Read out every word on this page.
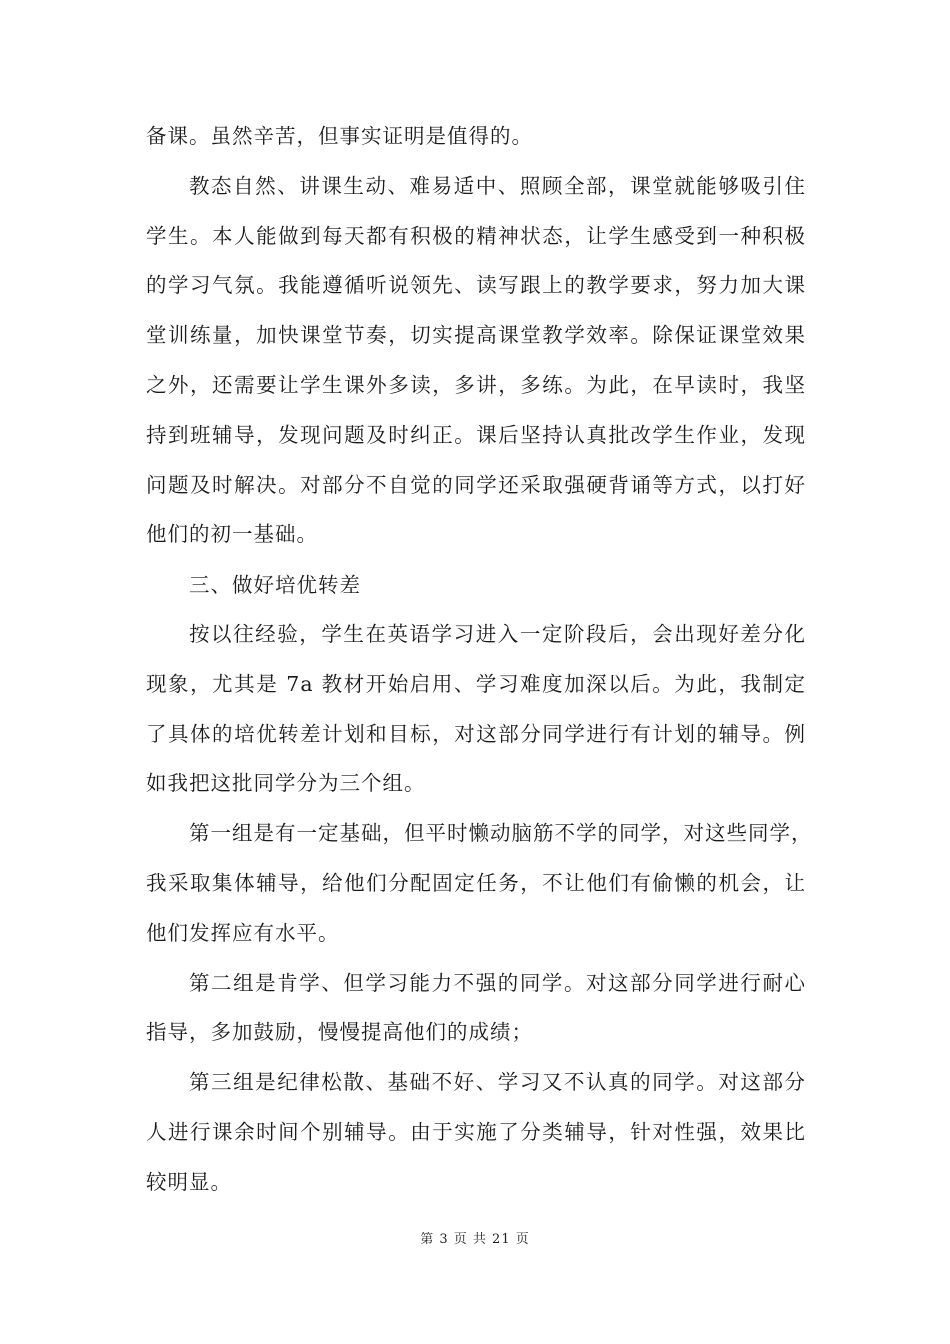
备课。虽然辛苦，但事实证明是值得的。
教态自然、讲课生动、难易适中、照顾全部，课堂就能够吸引住
学生。本人能做到每天都有积极的精神状态，让学生感受到一种积极
的学习气氛。我能遵循听说领先、读写跟上的教学要求，努力加大课
堂训练量，加快课堂节奏，切实提高课堂教学效率。除保证课堂效果
之外，还需要让学生课外多读，多讲，多练。为此，在早读时，我坚
持到班辅导，发现问题及时纠正。课后坚持认真批改学生作业，发现
问题及时解决。对部分不自觉的同学还采取强硬背诵等方式，以打好
他们的初一基础。
三、做好培优转差
按以往经验，学生在英语学习进入一定阶段后，会出现好差分化
现象，尤其是 7a 教材开始启用、学习难度加深以后。为此，我制定
了具体的培优转差计划和目标，对这部分同学进行有计划的辅导。例
如我把这批同学分为三个组。
第一组是有一定基础，但平时懒动脑筋不学的同学，对这些同学，
我采取集体辅导，给他们分配固定任务，不让他们有偷懒的机会，让
他们发挥应有水平。
第二组是肯学、但学习能力不强的同学。对这部分同学进行耐心
指导，多加鼓励，慢慢提高他们的成绩；
第三组是纪律松散、基础不好、学习又不认真的同学。对这部分
人进行课余时间个别辅导。由于实施了分类辅导，针对性强，效果比
较明显。
第 3 页 共 21 页
